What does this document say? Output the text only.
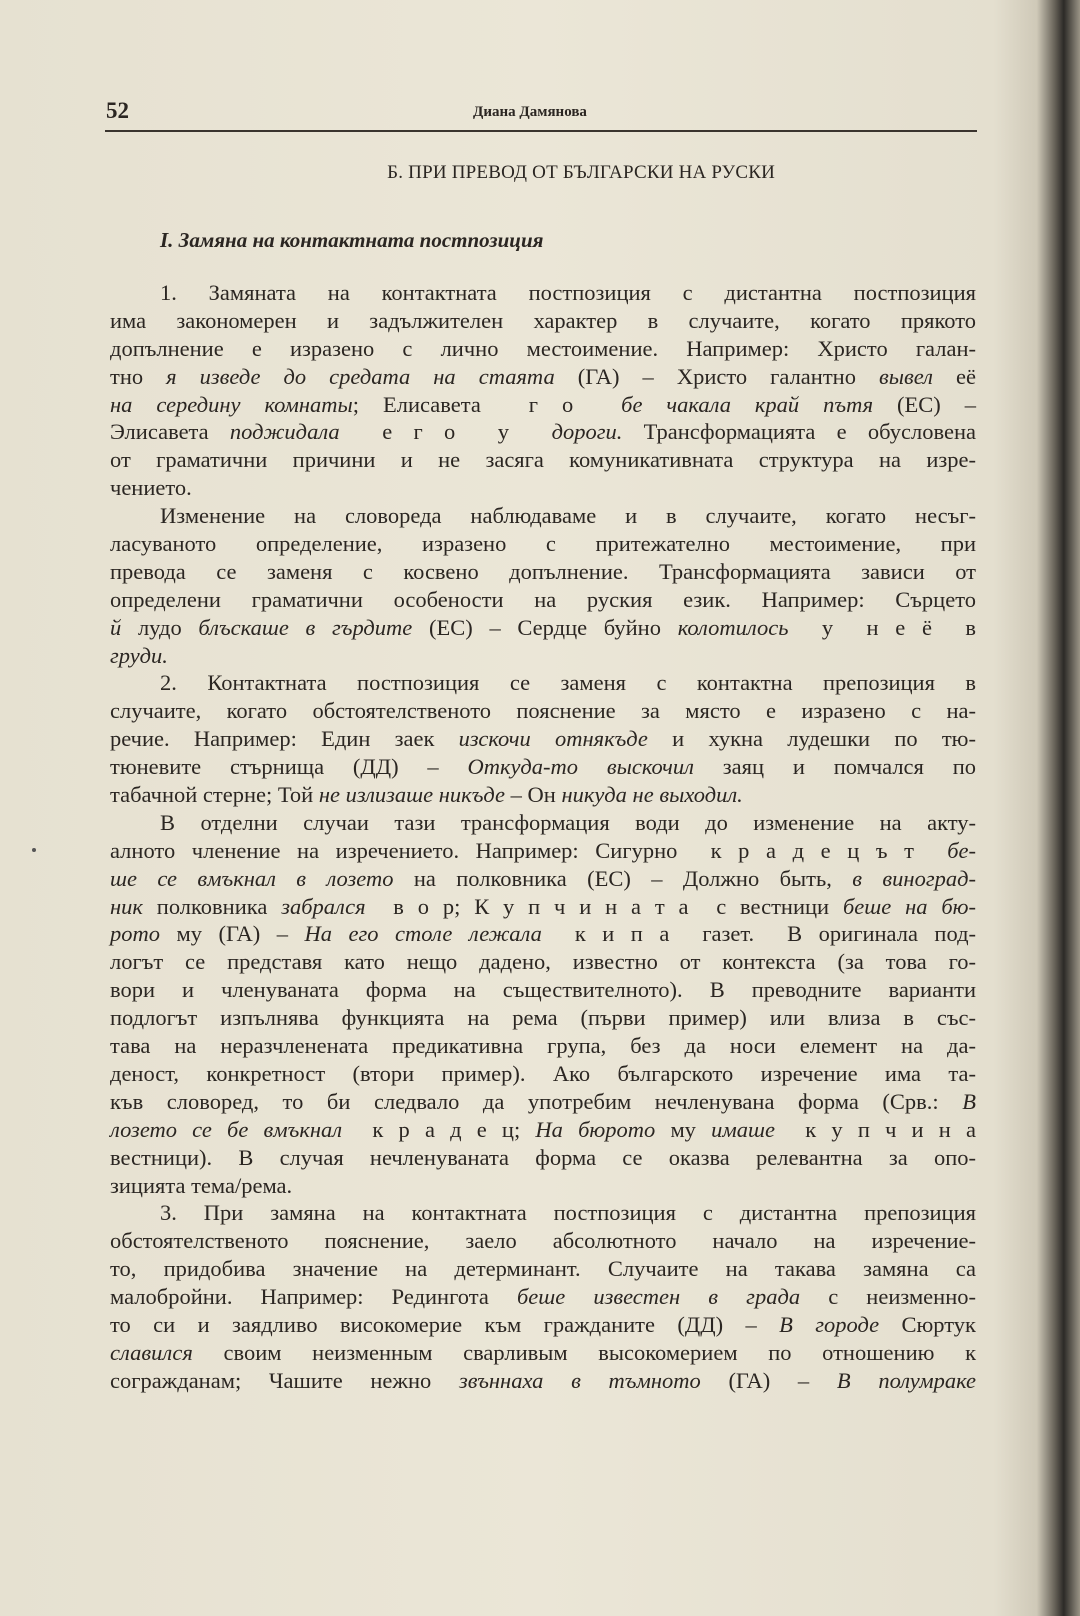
52	Диана Дамянова
Б. ПРИ ПРЕВОД ОТ БЪЛГАРСКИ НА РУСКИ
I. Замяна на контактната постпозиция
1. Замяната на контактната постпозиция с дистантна постпозиция
има закономерен и задължителен характер в случаите, когато прякото
допълнение е изразено с лично местоимение. Например: Христо галан-
тно я изведе до средата на стаята (ГА) – Христо галантно вывел её
на середину комнаты; Елисавета  г о  бе чакала край пътя (ЕС) –
Элисавета поджидала  е г о  у  дороги. Трансформацията е обусловена
от граматични причини и не засяга комуникативната структура на изре-
чението.
Изменение на словореда наблюдаваме и в случаите, когато несъг-
ласуваното определение, изразено с притежателно местоимение, при
превода се заменя с косвено допълнение. Трансформацията зависи от
определени граматични особености на руския език. Например: Сърцето
й лудо блъскаше в гърдите (ЕС) – Сердце буйно колотилось  у  н е ё  в
груди.
2. Контактната постпозиция се заменя с контактна препозиция в
случаите, когато обстоятелственото пояснение за място е изразено с на-
речие. Например: Един заек изскочи отнякъде и хукна лудешки по тю-
тюневите стърнища (ДД) – Откуда-то выскочил заяц и помчался по
табачной стерне; Той не излизаше никъде – Он никуда не выходил.
В отделни случаи тази трансформация води до изменение на акту-
алното членение на изречението. Например: Сигурно  к р а д е ц ъ т  бе-
ше се вмъкнал в лозето на полковника (ЕС) – Должно быть, в виноград-
ник полковника забрался  в о р; К у п ч и н а т а  с вестници беше на бю-
рото му (ГА) – На его столе лежала  к и п а  газет.  В оригинала под-
логът се представя като нещо дадено, известно от контекста (за това го-
вори и членуваната форма на съществителното). В преводните варианти
подлогът изпълнява функцията на рема (първи пример) или влиза в със-
тава на неразчленената предикативна група, без да носи елемент на да-
деност, конкретност (втори пример). Ако българското изречение има та-
къв словоред, то би следвало да употребим нечленувана форма (Срв.: В
лозето се бе вмъкнал  к р а д е ц; На бюрото му имаше  к у п ч и н а
вестници). В случая нечленуваната форма се оказва релевантна за опо-
зицията тема/рема.
3. При замяна на контактната постпозиция с дистантна препозиция
обстоятелственото пояснение, заело абсолютното начало на изречение-
то, придобива значение на детерминант. Случаите на такава замяна са
малобройни. Например: Редингота беше известен в града с неизменно-
то си и заядливо високомерие към гражданите (ДД) – В городе Сюртук
славился своим неизменным сварливым высокомерием по отношению к
согражданам; Чашите нежно звъннаха в тъмното (ГА) – В полумраке
